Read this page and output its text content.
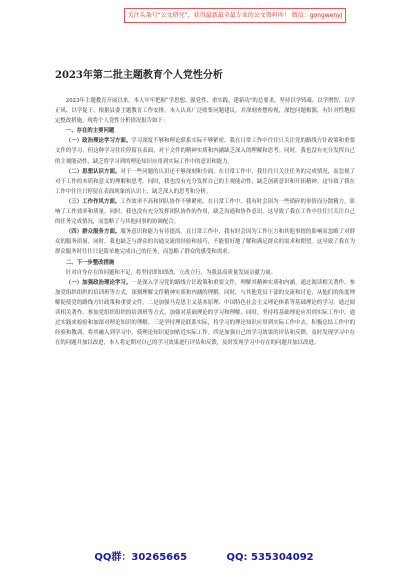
关注头条号“公文研究”，获得最新最全最专业的公文资料库！ 微信：gongwenyj
2023年第二批主题教育个人党性分析

2023年主题教育开展以来，本人牢牢把握“学思想、强党性、重实践、建新功”的总要求，坚持以学铸魂、以学增智、以学正风、以学促干，根据县委主题教育工作安排，本人认真广泛收集问题建议，并深刻查摆检视，深挖问题根源，有针对性地拟定整改措施。现将个人党性分析情况报告如下：

一、存在的主要问题

（一）政治理论学习方面。学习深度不够和理论联系实际不够紧密。我在日常工作中往往只关注党的路线方针政策和重要文件的学习，但这种学习往往停留在表面，对于文件的精神实质和内涵缺乏深入的理解和思考。同时，我也没有充分发挥自己的主观能动性，缺乏将学习到的理论知识应用到实际工作中的意识和能力。

（二）思想认识方面。对于一些问题的认识还不够深刻和全面。在日常工作中，我往往只关注任务的完成情况，而忽视了对于工作的本质和意义的理解和思考。同时，我也没有充分发挥自己的主观能动性，缺乏创新意识和开拓精神。这导致了我在工作中往往只停留在表面现象的认识上，缺乏深入的思考和分析。

（三）工作作风方面。工作效率不高和团队协作不够紧密。在日常工作中，我有时会因为一些琐碎的事情而分散精力，影响了工作效率和质量。同时，我也没有充分发挥团队协作的作用，缺乏沟通和协作意识。这导致了我在工作中往往只关注自己的任务完成情况，而忽略了与其他同事的协调配合。

（四）群众服务方面。服务意识和能力有待提高。在日常工作中，我有时会因为工作压力和其他事情的影响而忽略了对群众的服务质量。同时，我也缺乏与群众的沟通交流的经验和技巧，不能很好地了解和满足群众的需求和期望。这导致了我在为群众服务时往往只是简单地完成自己的任务，而忽略了群众的感受和需求。

二、下一步整改措施

针对自身存在的问题和不足，将坚持即知即改、立改立行，为我县高质量发展贡献力量。

（一）加强政治理论学习。一是深入学习党的路线方针政策和重要文件，理解其精神实质和内涵。通过阅读相关著作、参加党组织组织的培训班等方式，深刻理解文件精神实质和内涵的理解。同时，与其他党员干部的交流和讨论，从他们的角度理解促使党的路线方针政策和重要文件。二是加强马克思主义基本原理、中国特色社会主义理论体系等基础理论的学习。通过阅读相关著作、参加党组织组织的培训班等方式，加强对基础理论的学习和理解。同时，坚持将基础理论应用到实际工作中，通过实践来检验和加深对理论知识的理解。三是坚持理论联系实际，将学习的理论知识应用到实际工作中去，积极总结工作中的经验和教训，将其融入到学习中。使理论知识更加贴近实际工作。四是加强自己的学习效果的评估和反馈，及时发现学习中存在的问题并加以改进，本人将定期对自己的学习效果进行评估和反馈，及时发现学习中存在的问题并加以改进。

QQ群：30265665	QQ: 535304092
